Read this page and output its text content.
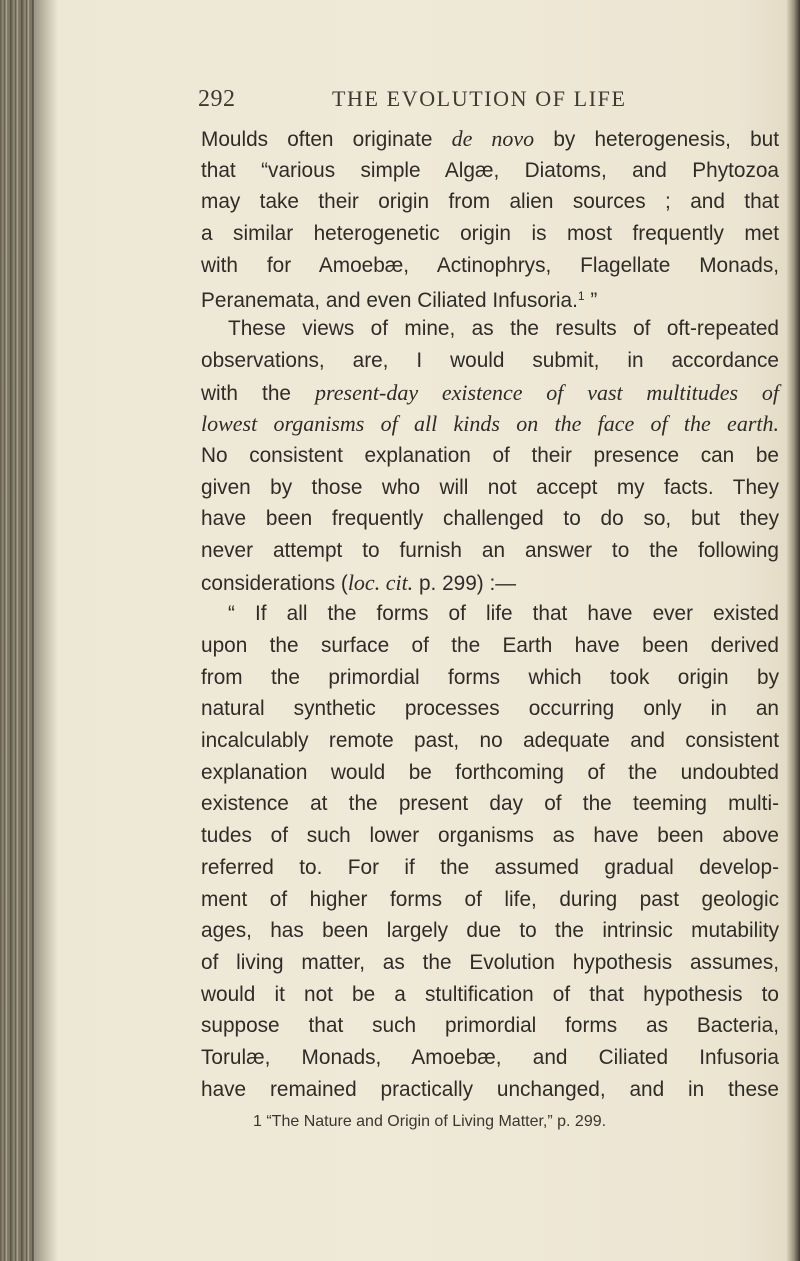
292	THE EVOLUTION OF LIFE
Moulds often originate de novo by heterogenesis, but
that “various simple Algæ, Diatoms, and Phytozoa
may take their origin from alien sources ; and that
a similar heterogenetic origin is most frequently met
with for Amoebæ, Actinophrys, Flagellate Monads,
Peranemata, and even Ciliated Infusoria.$^1$ ”
These views of mine, as the results of oft-repeated
observations, are, I would submit, in accordance
with the present-day existence of vast multitudes of
lowest organisms of all kinds on the face of the earth.
No consistent explanation of their presence can be
given by those who will not accept my facts. They
have been frequently challenged to do so, but they
never attempt to furnish an answer to the following
considerations (loc. cit. p. 299) :—
“ If all the forms of life that have ever existed
upon the surface of the Earth have been derived
from the primordial forms which took origin by
natural synthetic processes occurring only in an
incalculably remote past, no adequate and consistent
explanation would be forthcoming of the undoubted
existence at the present day of the teeming multi-
tudes of such lower organisms as have been above
referred to. For if the assumed gradual develop-
ment of higher forms of life, during past geologic
ages, has been largely due to the intrinsic mutability
of living matter, as the Evolution hypothesis assumes,
would it not be a stultification of that hypothesis to
suppose that such primordial forms as Bacteria,
Torulæ, Monads, Amoebæ, and Ciliated Infusoria
have remained practically unchanged, and in these
1 “The Nature and Origin of Living Matter,” p. 299.
